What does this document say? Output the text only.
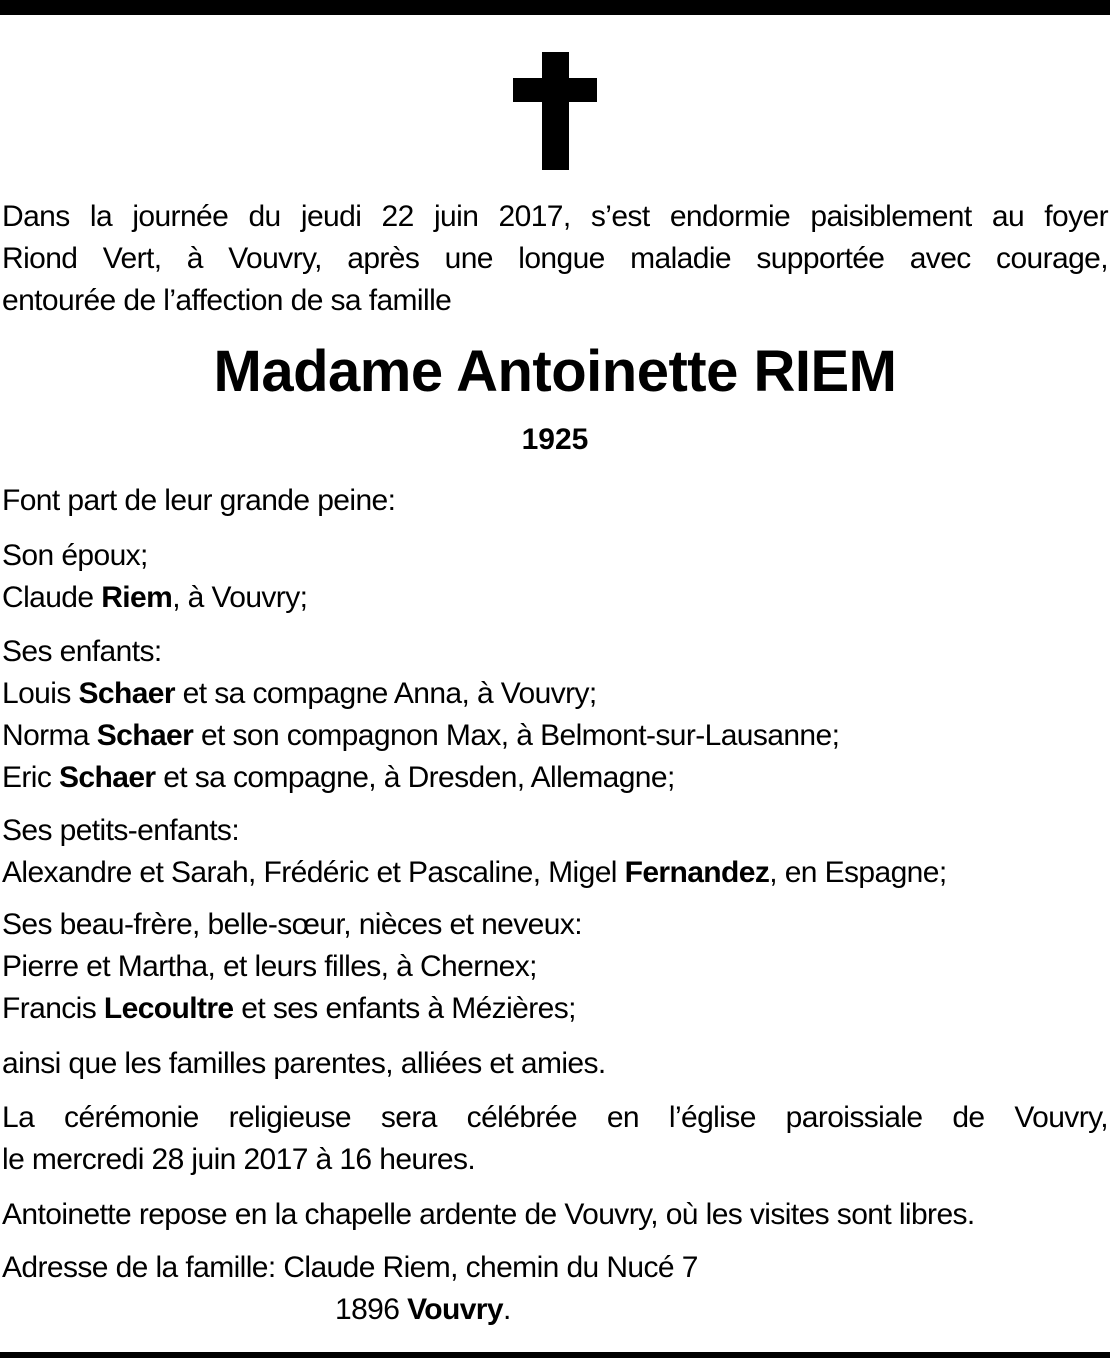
Dans la journée du jeudi 22 juin 2017, s’est endormie paisiblement au foyer
Riond Vert, à Vouvry, après une longue maladie supportée avec courage,
entourée de l’affection de sa famille
Madame Antoinette RIEM
1925
Font part de leur grande peine:
Son époux;
Claude Riem, à Vouvry;
Ses enfants:
Louis Schaer et sa compagne Anna, à Vouvry;
Norma Schaer et son compagnon Max, à Belmont-sur-Lausanne;
Eric Schaer et sa compagne, à Dresden, Allemagne;
Ses petits-enfants:
Alexandre et Sarah, Frédéric et Pascaline, Migel Fernandez, en Espagne;
Ses beau-frère, belle-sœur, nièces et neveux:
Pierre et Martha, et leurs filles, à Chernex;
Francis Lecoultre et ses enfants à Mézières;
ainsi que les familles parentes, alliées et amies.
La cérémonie religieuse sera célébrée en l’église paroissiale de Vouvry,
le mercredi 28 juin 2017 à 16 heures.
Antoinette repose en la chapelle ardente de Vouvry, où les visites sont libres.
Adresse de la famille: Claude Riem, chemin du Nucé 7
1896 Vouvry.
